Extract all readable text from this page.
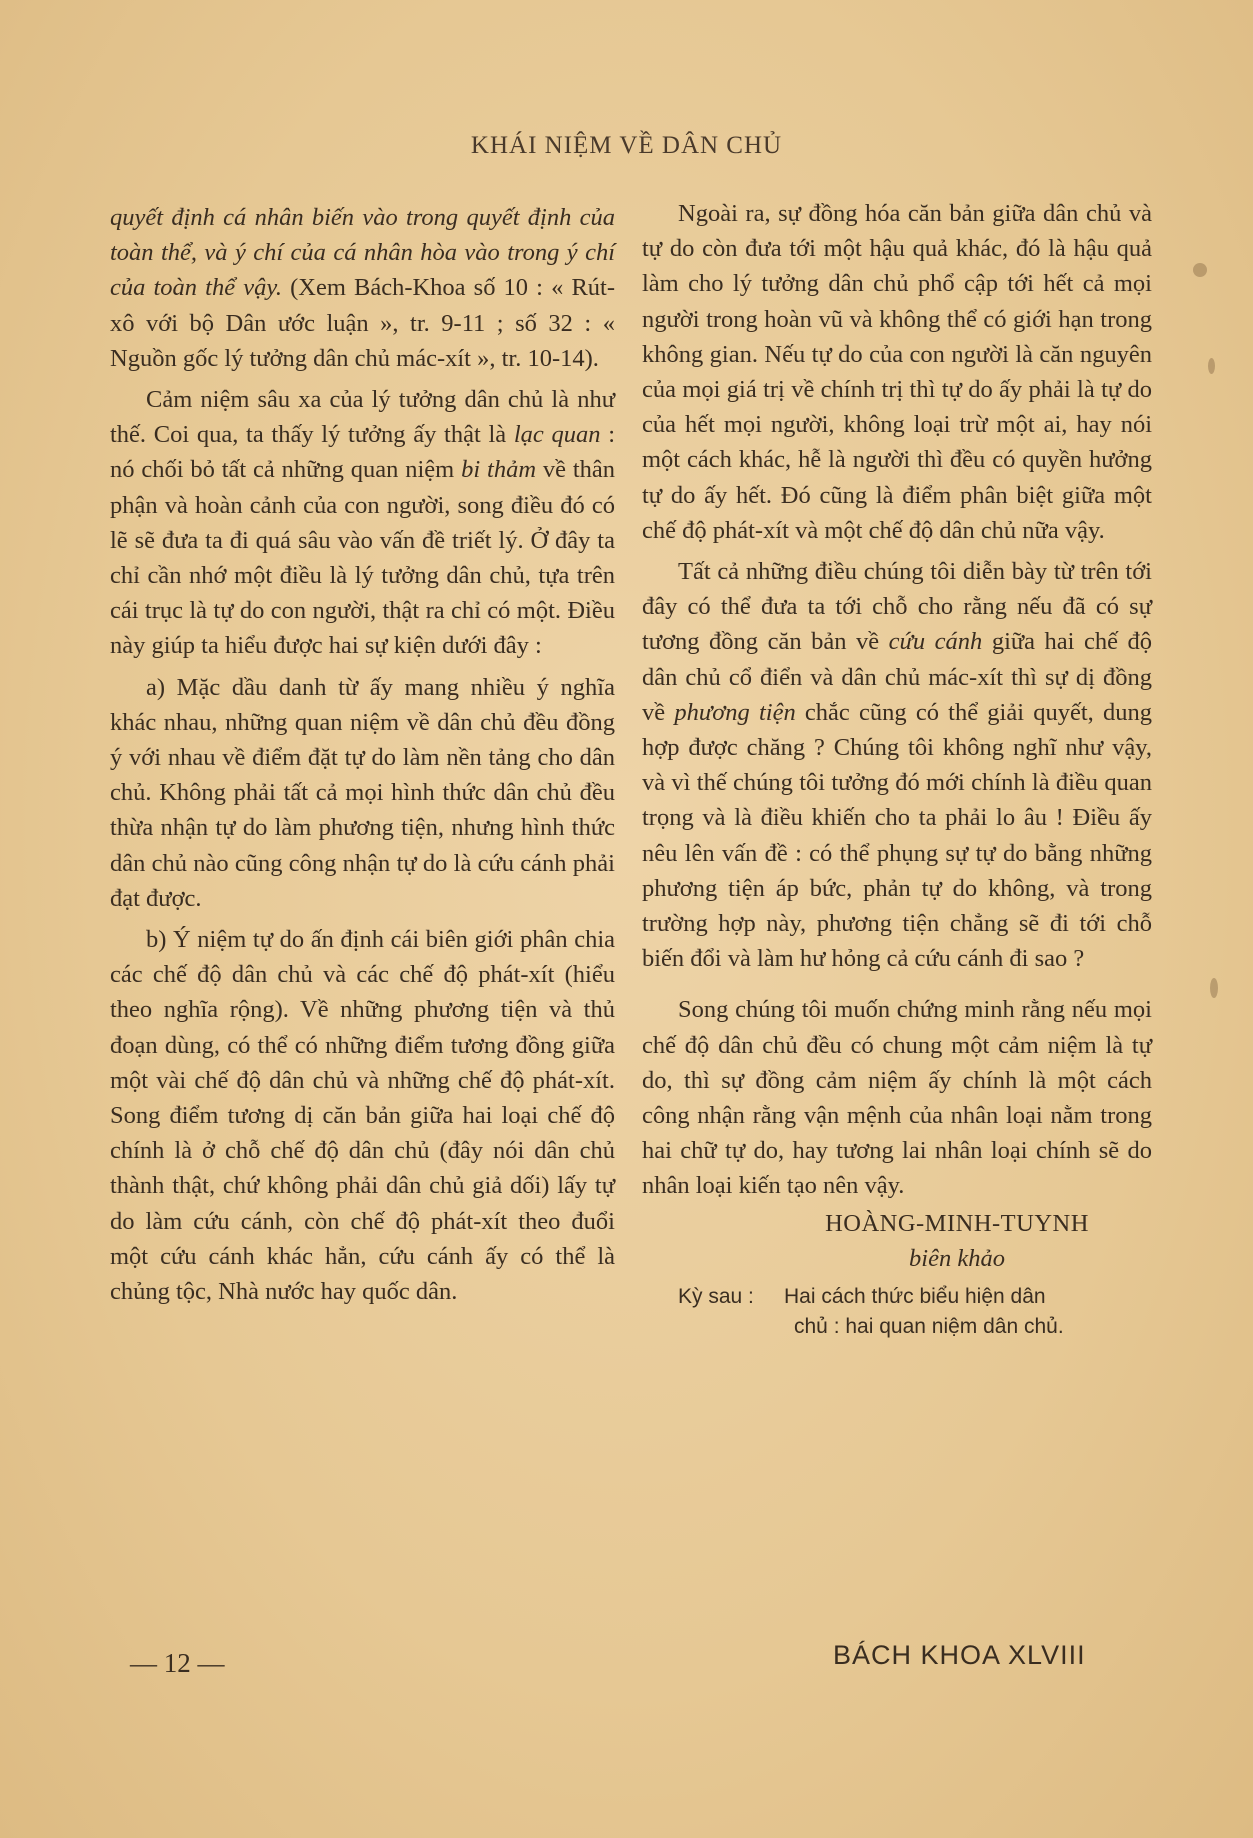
KHÁI NIỆM VỀ DÂN CHỦ

quyết định cá nhân biến vào trong quyết định của toàn thể, và ý chí của cá nhân hòa vào trong ý chí của toàn thể vậy. (Xem Bách-Khoa số 10 : « Rút-xô với bộ Dân ước luận », tr. 9-11 ; số 32 : « Nguồn gốc lý tưởng dân chủ mác-xít », tr. 10-14).

Cảm niệm sâu xa của lý tưởng dân chủ là như thế. Coi qua, ta thấy lý tưởng ấy thật là lạc quan : nó chối bỏ tất cả những quan niệm bi thảm về thân phận và hoàn cảnh của con người, song điều đó có lẽ sẽ đưa ta đi quá sâu vào vấn đề triết lý. Ở đây ta chỉ cần nhớ một điều là lý tưởng dân chủ, tựa trên cái trục là tự do con người, thật ra chỉ có một. Điều này giúp ta hiểu được hai sự kiện dưới đây :

a) Mặc dầu danh từ ấy mang nhiều ý nghĩa khác nhau, những quan niệm về dân chủ đều đồng ý với nhau về điểm đặt tự do làm nền tảng cho dân chủ. Không phải tất cả mọi hình thức dân chủ đều thừa nhận tự do làm phương tiện, nhưng hình thức dân chủ nào cũng công nhận tự do là cứu cánh phải đạt được.

b) Ý niệm tự do ấn định cái biên giới phân chia các chế độ dân chủ và các chế độ phát-xít (hiểu theo nghĩa rộng). Về những phương tiện và thủ đoạn dùng, có thể có những điểm tương đồng giữa một vài chế độ dân chủ và những chế độ phát-xít. Song điểm tương dị căn bản giữa hai loại chế độ chính là ở chỗ chế độ dân chủ (đây nói dân chủ thành thật, chứ không phải dân chủ giả dối) lấy tự do làm cứu cánh, còn chế độ phát-xít theo đuổi một cứu cánh khác hẳn, cứu cánh ấy có thể là chủng tộc, Nhà nước hay quốc dân.

Ngoài ra, sự đồng hóa căn bản giữa dân chủ và tự do còn đưa tới một hậu quả khác, đó là hậu quả làm cho lý tưởng dân chủ phổ cập tới hết cả mọi người trong hoàn vũ và không thể có giới hạn trong không gian. Nếu tự do của con người là căn nguyên của mọi giá trị về chính trị thì tự do ấy phải là tự do của hết mọi người, không loại trừ một ai, hay nói một cách khác, hễ là người thì đều có quyền hưởng tự do ấy hết. Đó cũng là điểm phân biệt giữa một chế độ phát-xít và một chế độ dân chủ nữa vậy.

Tất cả những điều chúng tôi diễn bày từ trên tới đây có thể đưa ta tới chỗ cho rằng nếu đã có sự tương đồng căn bản về cứu cánh giữa hai chế độ dân chủ cổ điển và dân chủ mác-xít thì sự dị đồng về phương tiện chắc cũng có thể giải quyết, dung hợp được chăng ? Chúng tôi không nghĩ như vậy, và vì thế chúng tôi tưởng đó mới chính là điều quan trọng và là điều khiến cho ta phải lo âu ! Điều ấy nêu lên vấn đề : có thể phụng sự tự do bằng những phương tiện áp bức, phản tự do không, và trong trường hợp này, phương tiện chẳng sẽ đi tới chỗ biến đổi và làm hư hỏng cả cứu cánh đi sao ?

Song chúng tôi muốn chứng minh rằng nếu mọi chế độ dân chủ đều có chung một cảm niệm là tự do, thì sự đồng cảm niệm ấy chính là một cách công nhận rằng vận mệnh của nhân loại nằm trong hai chữ tự do, hay tương lai nhân loại chính sẽ do nhân loại kiến tạo nên vậy.

HOÀNG-MINH-TUYNH
biên khảo
Kỳ sau : Hai cách thức biểu hiện dân
chủ : hai quan niệm dân chủ.
— 12 —	BÁCH KHOA XLVIII
